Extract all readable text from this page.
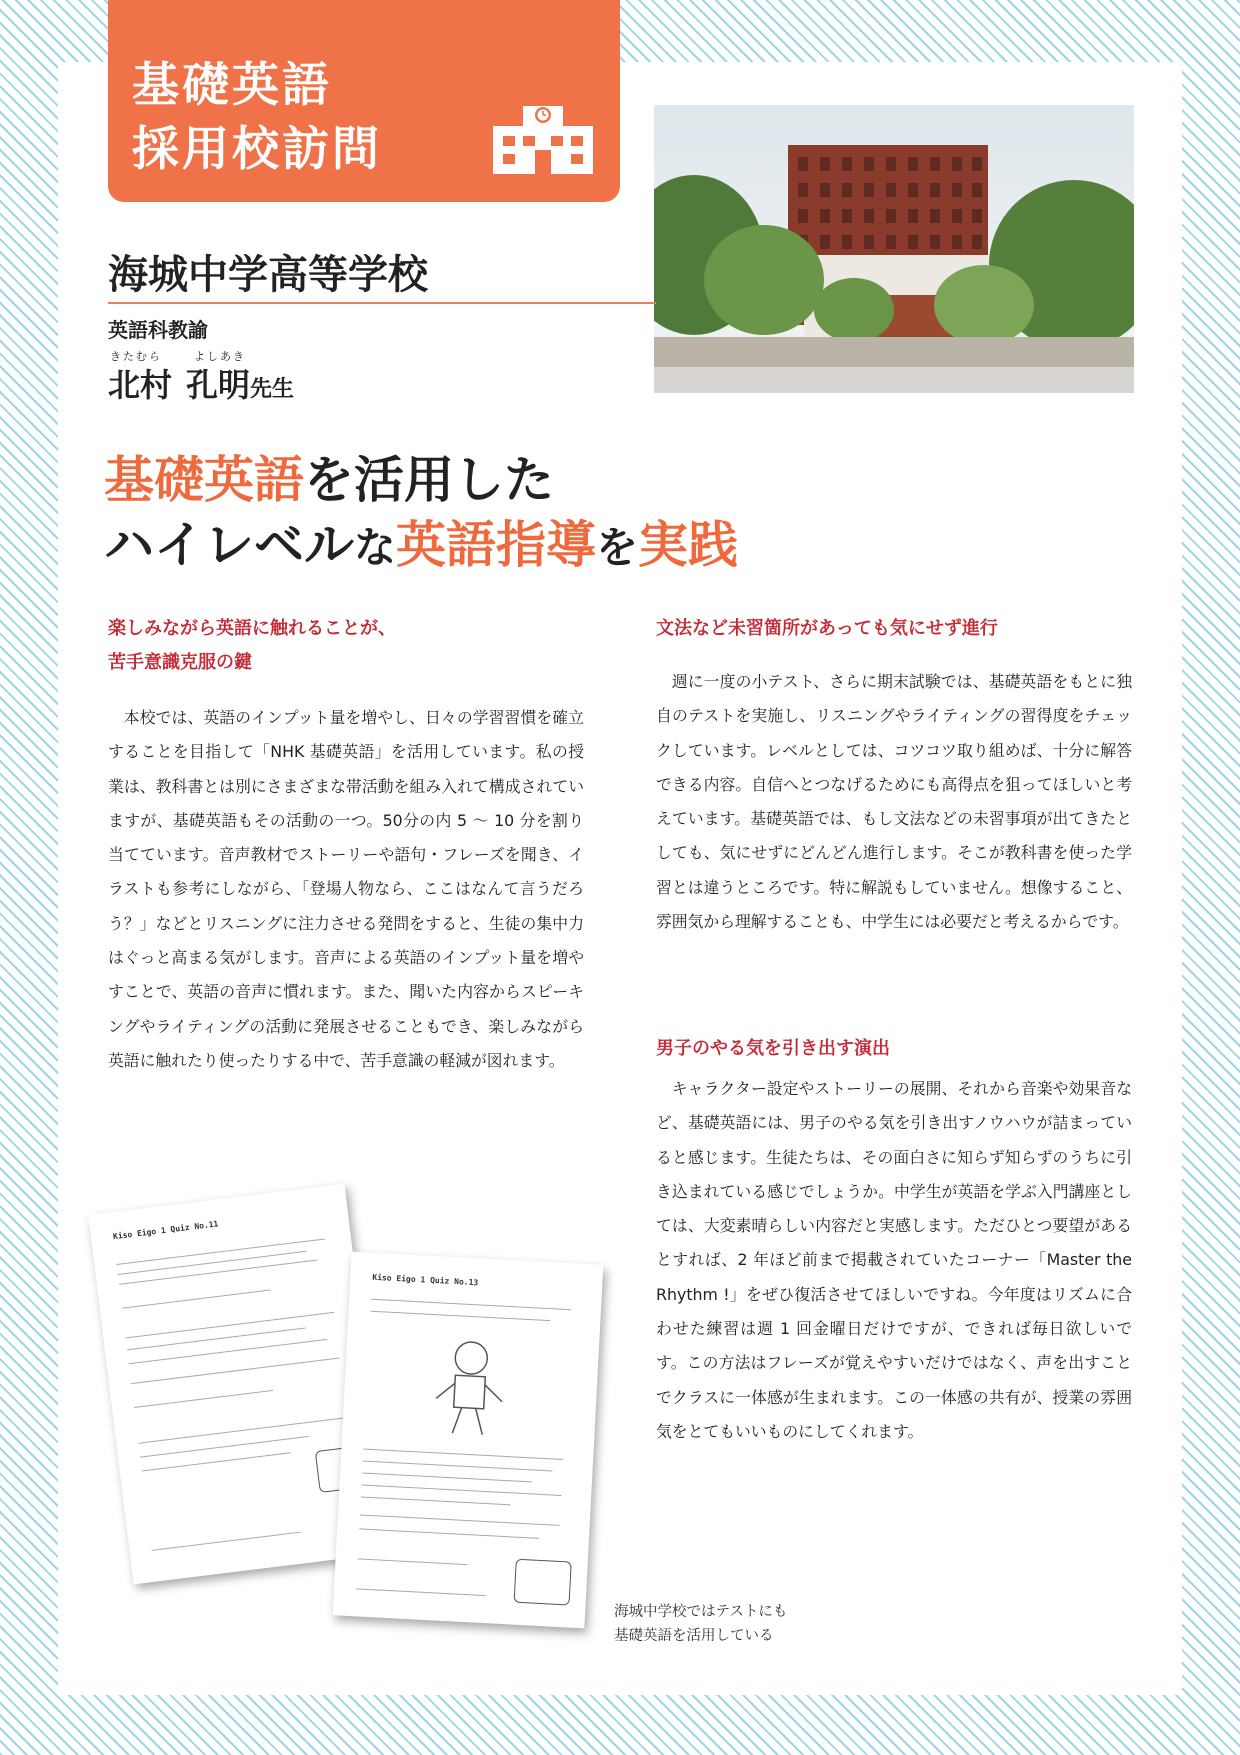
基礎英語
採用校訪問
海城中学高等学校
英語科教諭
きたむら	よしあき
北村 孔明先生
基礎英語を活用した
ハイレベルな英語指導を実践
楽しみながら英語に触れることが、
苦手意識克服の鍵

本校では、英語のインプット量を増やし、日々の学習習慣を確立することを目指して「NHK 基礎英語」を活用しています。私の授業は、教科書とは別にさまざまな帯活動を組み入れて構成されていますが、基礎英語もその活動の一つ。50分の内 5 〜 10 分を割り当てています。音声教材でストーリーや語句・フレーズを聞き、イラストも参考にしながら、「登場人物なら、ここはなんて言うだろう？」などとリスニングに注力させる発問をすると、生徒の集中力はぐっと高まる気がします。音声による英語のインプット量を増やすことで、英語の音声に慣れます。また、聞いた内容からスピーキングやライティングの活動に発展させることもでき、楽しみながら英語に触れたり使ったりする中で、苦手意識の軽減が図れます。

文法など未習箇所があっても気にせず進行

週に一度の小テスト、さらに期末試験では、基礎英語をもとに独自のテストを実施し、リスニングやライティングの習得度をチェックしています。レベルとしては、コツコツ取り組めば、十分に解答できる内容。自信へとつなげるためにも高得点を狙ってほしいと考えています。基礎英語では、もし文法などの未習事項が出てきたとしても、気にせずにどんどん進行します。そこが教科書を使った学習とは違うところです。特に解説もしていません。想像すること、雰囲気から理解することも、中学生には必要だと考えるからです。

男子のやる気を引き出す演出

キャラクター設定やストーリーの展開、それから音楽や効果音など、基礎英語には、男子のやる気を引き出すノウハウが詰まっていると感じます。生徒たちは、その面白さに知らず知らずのうちに引き込まれている感じでしょうか。中学生が英語を学ぶ入門講座としては、大変素晴らしい内容だと実感します。ただひとつ要望があるとすれば、2 年ほど前まで掲載されていたコーナー「Master the Rhythm !」をぜひ復活させてほしいですね。今年度はリズムに合わせた練習は週 1 回金曜日だけですが、できれば毎日欲しいです。この方法はフレーズが覚えやすいだけではなく、声を出すことでクラスに一体感が生まれます。この一体感の共有が、授業の雰囲気をとてもいいものにしてくれます。

Kiso Eigo 1 Quiz No.11
Kiso Eigo 1 Quiz No.13
海城中学校ではテストにも
基礎英語を活用している
